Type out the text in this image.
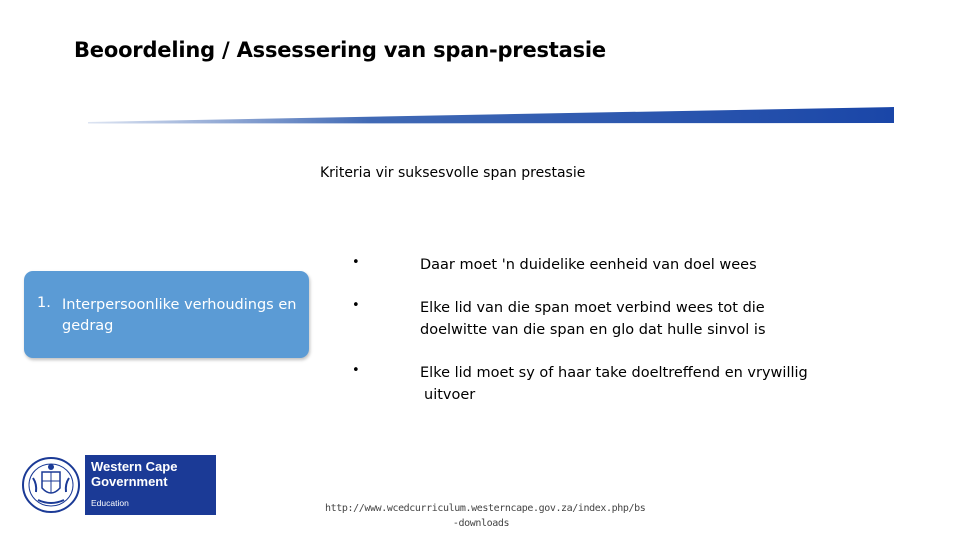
Beoordeling / Assessering van span-prestasie
Kriteria vir suksesvolle span prestasie
1. Interpersoonlike verhoudings en gedrag
•	Daar moet 'n duidelike eenheid van doel wees
•	Elke lid van die span moet verbind wees tot die
doelwitte van die span en glo dat hulle sinvol is
•	Elke lid moet sy of haar take doeltreffend en vrywillig
uitvoer
Western Cape
Government
Education	http://www.wcedcurriculum.westerncape.gov.za/index.php/bs
-downloads
